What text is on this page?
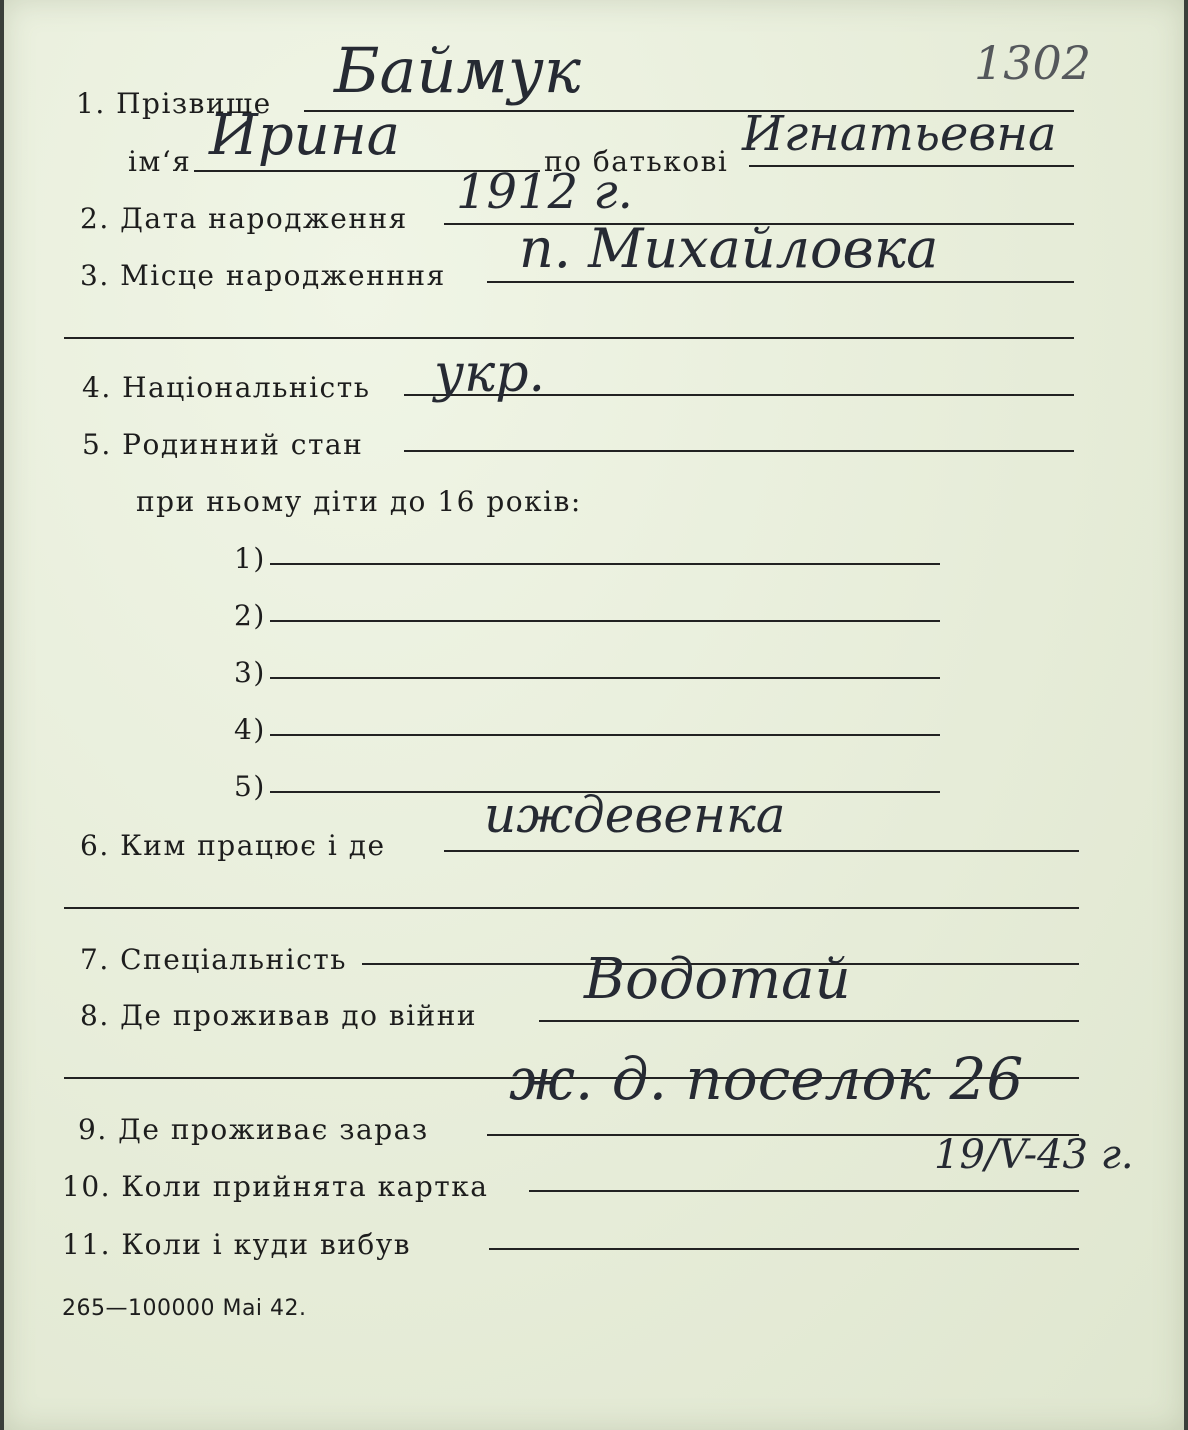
1302
1. Прізвище Баймук
ім‘я Ирина	по батькові Игнатьевна
2. Дата народження 1912 г.
3. Місце народженння п. Михайловка
4. Національність укр.
5. Родинний стан
при ньому діти до 16 років:
1)
2)
3)
4)
5)
6. Ким працює і де
иждевенка
7. Спеціальність
8. Де проживав до війни
Водотай
ж. д. поселок 26
9. Де проживає зараз
10. Коли прийнята картка
19/V-43 г.
11. Коли і куди вибув
265—100000 Mai 42.
